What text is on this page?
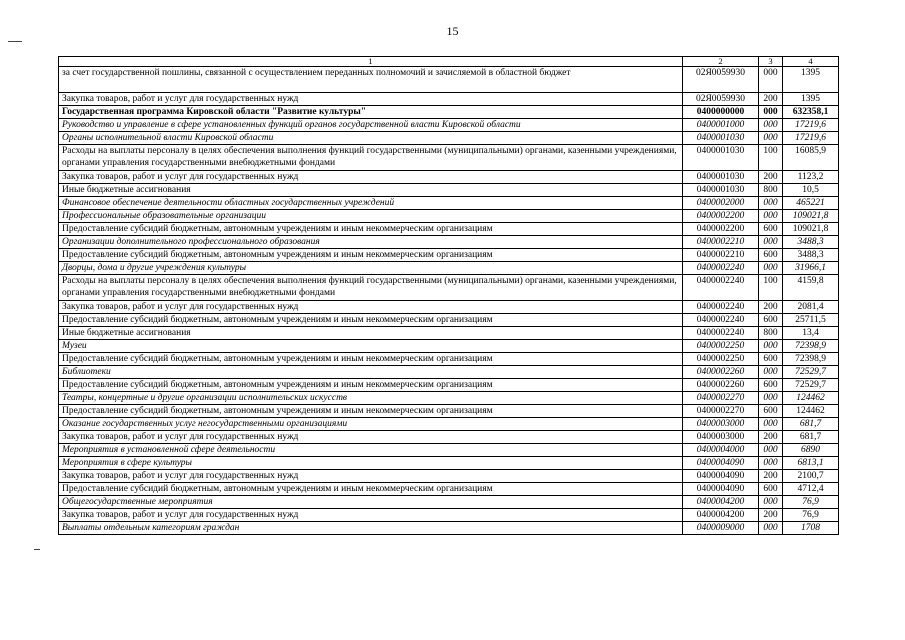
15
1	2	3	4
за счет государственной пошлины, связанной с осуществлением переданных полномочий и зачисляемой в областной бюджет	02Я0059930	000	1395
Закупка товаров, работ и услуг для государственных нужд	02Я0059930	200	1395
Государственная программа Кировской области "Развитие культуры"	0400000000	000	632358,1
Руководство и управление в сфере установленных функций органов государственной власти Кировской области	0400001000	000	17219,6
Органы исполнительной власти Кировской области	0400001030	000	17219,6
Расходы на выплаты персоналу в целях обеспечения выполнения функций государственными (муниципальными) органами, казенными учреждениями, органами управления государственными внебюджетными фондами	0400001030	100	16085,9
Закупка товаров, работ и услуг для государственных нужд	0400001030	200	1123,2
Иные бюджетные ассигнования	0400001030	800	10,5
Финансовое обеспечение деятельности областных государственных учреждений	0400002000	000	465221
Профессиональные образовательные организации	0400002200	000	109021,8
Предоставление субсидий бюджетным, автономным учреждениям и иным некоммерческим организациям	0400002200	600	109021,8
Организации дополнительного профессионального образования	0400002210	000	3488,3
Предоставление субсидий бюджетным, автономным учреждениям и иным некоммерческим организациям	0400002210	600	3488,3
Дворцы, дома и другие учреждения культуры	0400002240	000	31966,1
Расходы на выплаты персоналу в целях обеспечения выполнения функций государственными (муниципальными) органами, казенными учреждениями, органами управления государственными внебюджетными фондами	0400002240	100	4159,8
Закупка товаров, работ и услуг для государственных нужд	0400002240	200	2081,4
Предоставление субсидий бюджетным, автономным учреждениям и иным некоммерческим организациям	0400002240	600	25711,5
Иные бюджетные ассигнования	0400002240	800	13,4
Музеи	0400002250	000	72398,9
Предоставление субсидий бюджетным, автономным учреждениям и иным некоммерческим организациям	0400002250	600	72398,9
Библиотеки	0400002260	000	72529,7
Предоставление субсидий бюджетным, автономным учреждениям и иным некоммерческим организациям	0400002260	600	72529,7
Театры, концертные и другие организации исполнительских искусств	0400002270	000	124462
Предоставление субсидий бюджетным, автономным учреждениям и иным некоммерческим организациям	0400002270	600	124462
Оказание государственных услуг негосударственными организациями	0400003000	000	681,7
Закупка товаров, работ и услуг для государственных нужд	0400003000	200	681,7
Мероприятия в установленной сфере деятельности	0400004000	000	6890
Мероприятия в сфере культуры	0400004090	000	6813,1
Закупка товаров, работ и услуг для государственных нужд	0400004090	200	2100,7
Предоставление субсидий бюджетным, автономным учреждениям и иным некоммерческим организациям	0400004090	600	4712,4
Общегосударственные мероприятия	0400004200	000	76,9
Закупка товаров, работ и услуг для государственных нужд	0400004200	200	76,9
Выплаты отдельным категориям граждан	0400009000	000	1708
